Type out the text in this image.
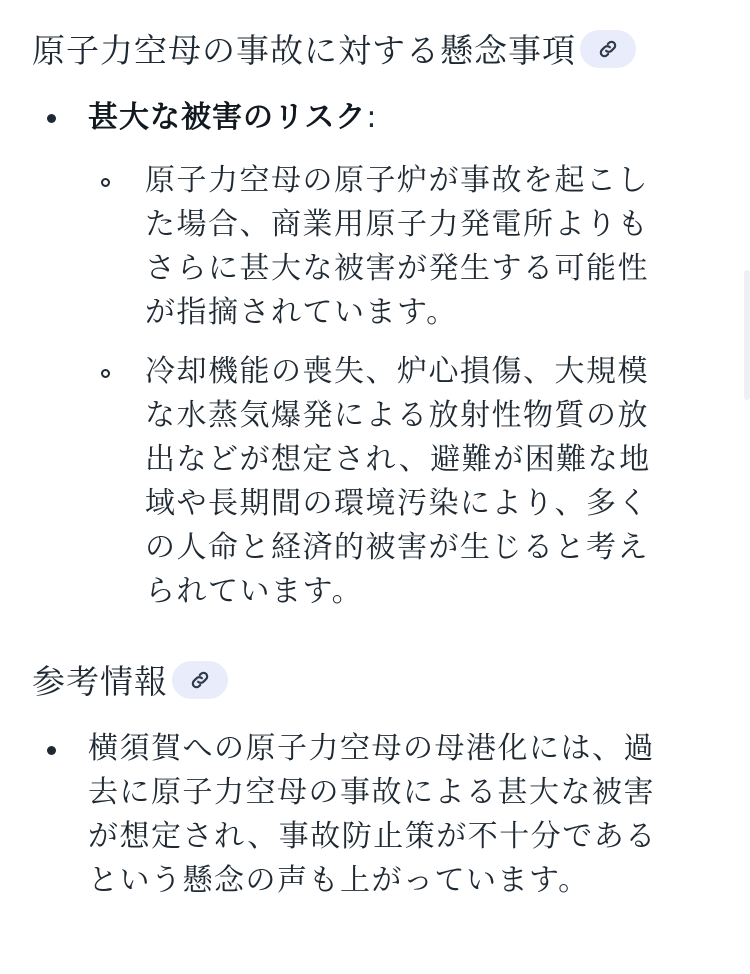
原子力空母の事故に対する懸念事項
甚大な被害のリスク:
原子力空母の原子炉が事故を起こし
た場合、商業用原子力発電所よりも
さらに甚大な被害が発生する可能性
が指摘されています。
冷却機能の喪失、炉心損傷、大規模
な水蒸気爆発による放射性物質の放
出などが想定され、避難が困難な地
域や長期間の環境汚染により、多く
の人命と経済的被害が生じると考え
られています。
参考情報
横須賀への原子力空母の母港化には、過
去に原子力空母の事故による甚大な被害
が想定され、事故防止策が不十分である
という懸念の声も上がっています。
